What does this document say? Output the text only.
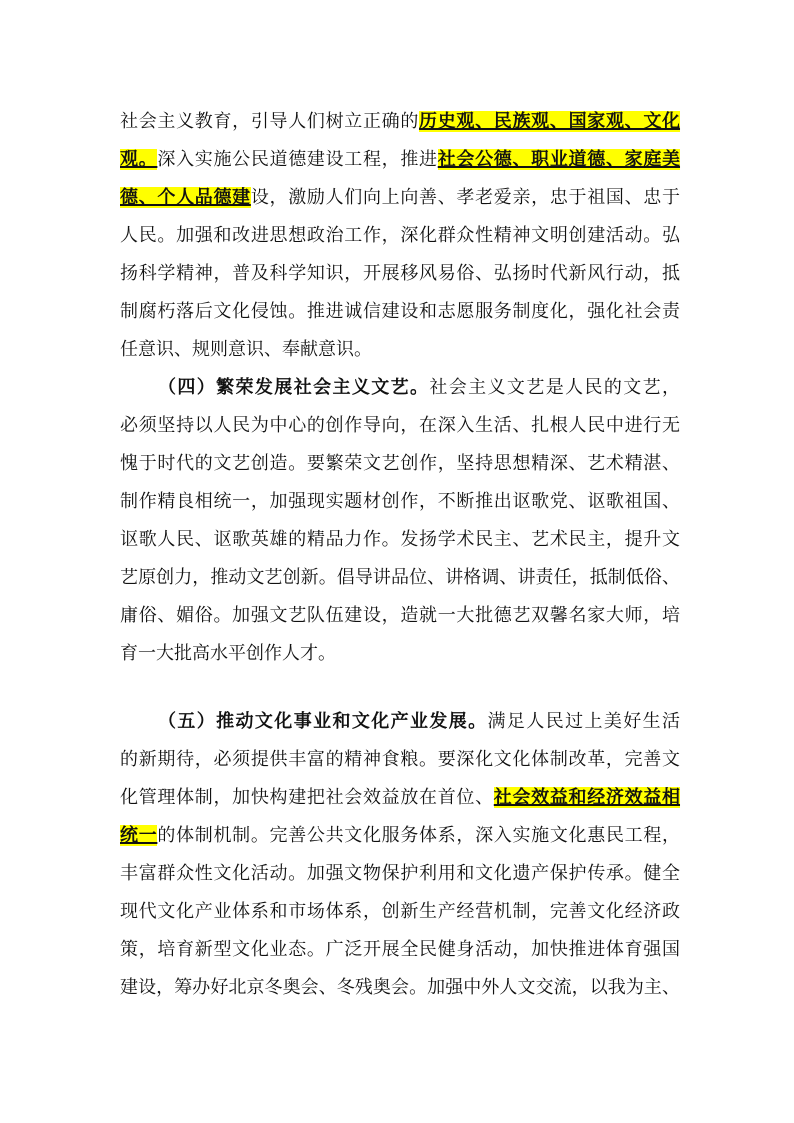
社会主义教育，引导人们树立正确的历史观、民族观、国家观、文化
观。深入实施公民道德建设工程，推进社会公德、职业道德、家庭美
德、个人品德建设，激励人们向上向善、孝老爱亲，忠于祖国、忠于
人民。加强和改进思想政治工作，深化群众性精神文明创建活动。弘
扬科学精神，普及科学知识，开展移风易俗、弘扬时代新风行动，抵
制腐朽落后文化侵蚀。推进诚信建设和志愿服务制度化，强化社会责
任意识、规则意识、奉献意识。
（四）繁荣发展社会主义文艺。社会主义文艺是人民的文艺，
必须坚持以人民为中心的创作导向，在深入生活、扎根人民中进行无
愧于时代的文艺创造。要繁荣文艺创作，坚持思想精深、艺术精湛、
制作精良相统一，加强现实题材创作，不断推出讴歌党、讴歌祖国、
讴歌人民、讴歌英雄的精品力作。发扬学术民主、艺术民主，提升文
艺原创力，推动文艺创新。倡导讲品位、讲格调、讲责任，抵制低俗、
庸俗、媚俗。加强文艺队伍建设，造就一大批德艺双馨名家大师，培
育一大批高水平创作人才。
（五）推动文化事业和文化产业发展。满足人民过上美好生活
的新期待，必须提供丰富的精神食粮。要深化文化体制改革，完善文
化管理体制，加快构建把社会效益放在首位、社会效益和经济效益相
统一的体制机制。完善公共文化服务体系，深入实施文化惠民工程，
丰富群众性文化活动。加强文物保护利用和文化遗产保护传承。健全
现代文化产业体系和市场体系，创新生产经营机制，完善文化经济政
策，培育新型文化业态。广泛开展全民健身活动，加快推进体育强国
建设，筹办好北京冬奥会、冬残奥会。加强中外人文交流，以我为主、
